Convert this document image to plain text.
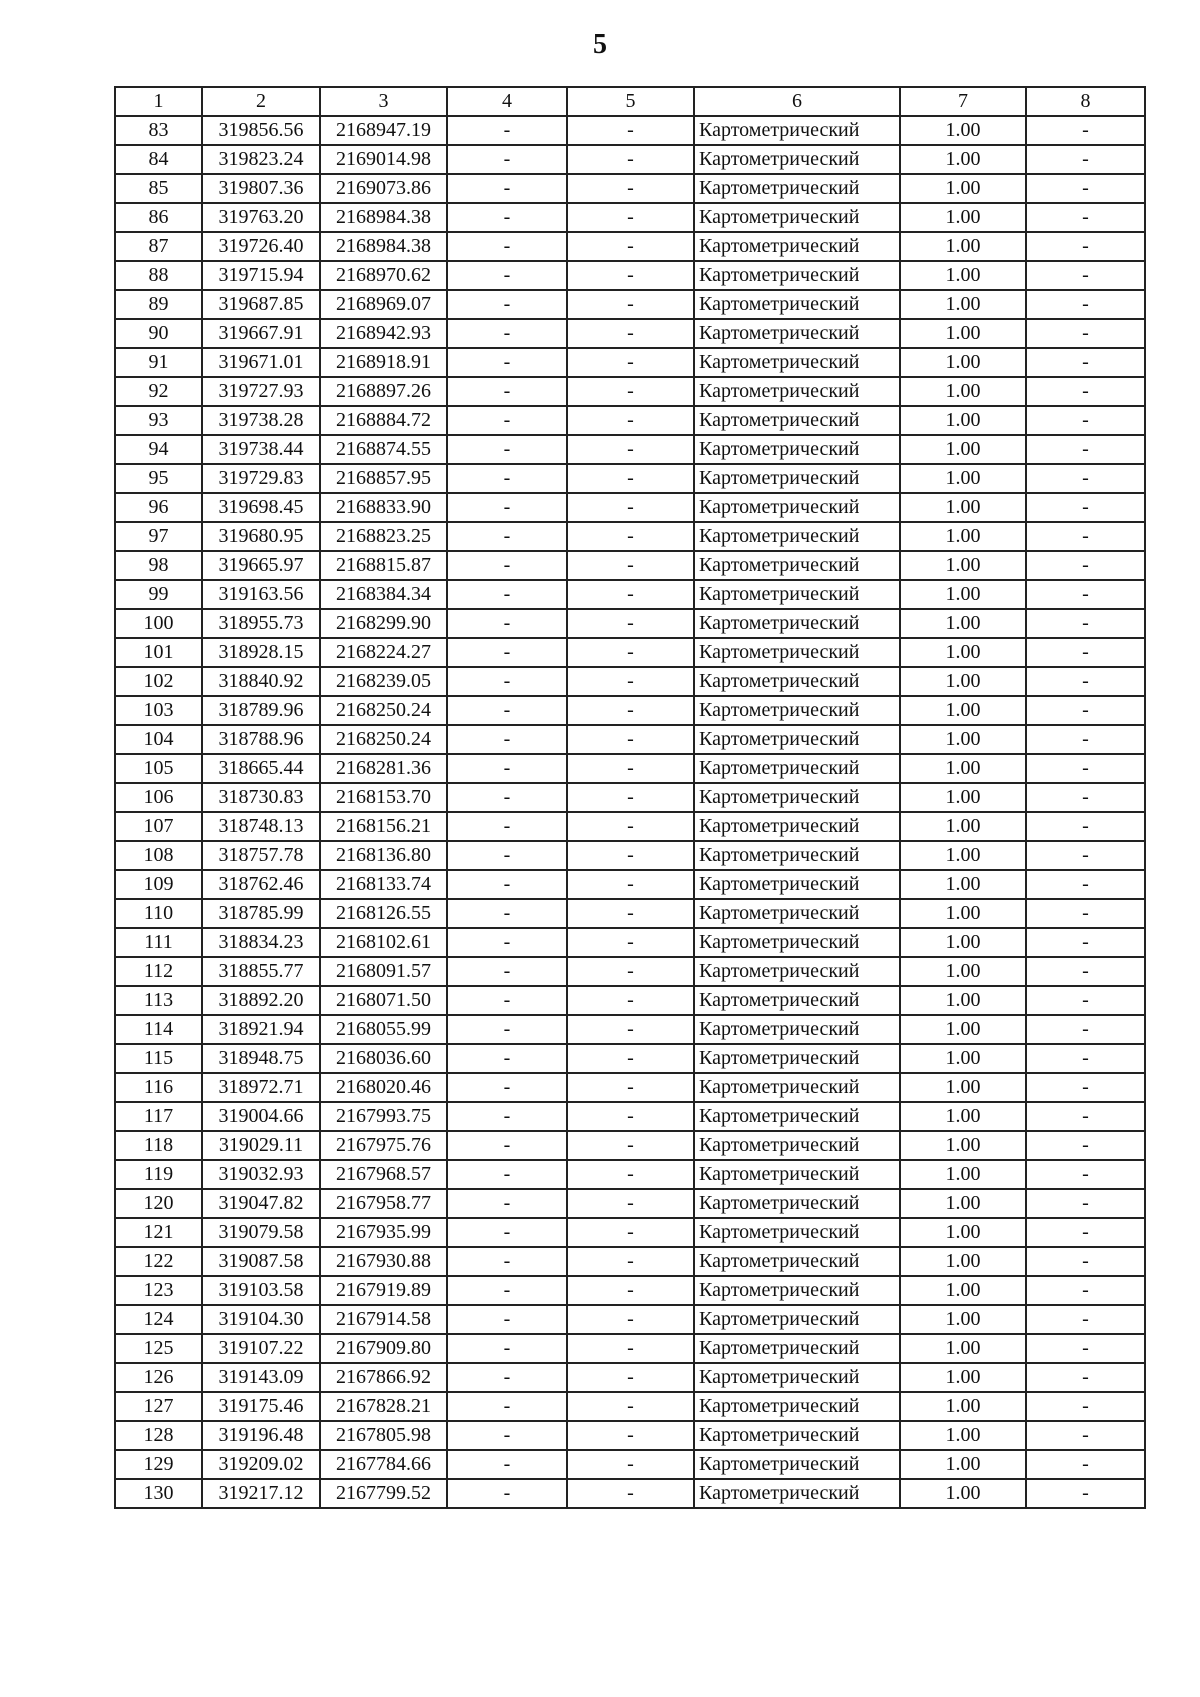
5
1	2	3	4	5	6	7	8
83	319856.56	2168947.19	-	-	Картометрический	1.00	-
84	319823.24	2169014.98	-	-	Картометрический	1.00	-
85	319807.36	2169073.86	-	-	Картометрический	1.00	-
86	319763.20	2168984.38	-	-	Картометрический	1.00	-
87	319726.40	2168984.38	-	-	Картометрический	1.00	-
88	319715.94	2168970.62	-	-	Картометрический	1.00	-
89	319687.85	2168969.07	-	-	Картометрический	1.00	-
90	319667.91	2168942.93	-	-	Картометрический	1.00	-
91	319671.01	2168918.91	-	-	Картометрический	1.00	-
92	319727.93	2168897.26	-	-	Картометрический	1.00	-
93	319738.28	2168884.72	-	-	Картометрический	1.00	-
94	319738.44	2168874.55	-	-	Картометрический	1.00	-
95	319729.83	2168857.95	-	-	Картометрический	1.00	-
96	319698.45	2168833.90	-	-	Картометрический	1.00	-
97	319680.95	2168823.25	-	-	Картометрический	1.00	-
98	319665.97	2168815.87	-	-	Картометрический	1.00	-
99	319163.56	2168384.34	-	-	Картометрический	1.00	-
100	318955.73	2168299.90	-	-	Картометрический	1.00	-
101	318928.15	2168224.27	-	-	Картометрический	1.00	-
102	318840.92	2168239.05	-	-	Картометрический	1.00	-
103	318789.96	2168250.24	-	-	Картометрический	1.00	-
104	318788.96	2168250.24	-	-	Картометрический	1.00	-
105	318665.44	2168281.36	-	-	Картометрический	1.00	-
106	318730.83	2168153.70	-	-	Картометрический	1.00	-
107	318748.13	2168156.21	-	-	Картометрический	1.00	-
108	318757.78	2168136.80	-	-	Картометрический	1.00	-
109	318762.46	2168133.74	-	-	Картометрический	1.00	-
110	318785.99	2168126.55	-	-	Картометрический	1.00	-
111	318834.23	2168102.61	-	-	Картометрический	1.00	-
112	318855.77	2168091.57	-	-	Картометрический	1.00	-
113	318892.20	2168071.50	-	-	Картометрический	1.00	-
114	318921.94	2168055.99	-	-	Картометрический	1.00	-
115	318948.75	2168036.60	-	-	Картометрический	1.00	-
116	318972.71	2168020.46	-	-	Картометрический	1.00	-
117	319004.66	2167993.75	-	-	Картометрический	1.00	-
118	319029.11	2167975.76	-	-	Картометрический	1.00	-
119	319032.93	2167968.57	-	-	Картометрический	1.00	-
120	319047.82	2167958.77	-	-	Картометрический	1.00	-
121	319079.58	2167935.99	-	-	Картометрический	1.00	-
122	319087.58	2167930.88	-	-	Картометрический	1.00	-
123	319103.58	2167919.89	-	-	Картометрический	1.00	-
124	319104.30	2167914.58	-	-	Картометрический	1.00	-
125	319107.22	2167909.80	-	-	Картометрический	1.00	-
126	319143.09	2167866.92	-	-	Картометрический	1.00	-
127	319175.46	2167828.21	-	-	Картометрический	1.00	-
128	319196.48	2167805.98	-	-	Картометрический	1.00	-
129	319209.02	2167784.66	-	-	Картометрический	1.00	-
130	319217.12	2167799.52	-	-	Картометрический	1.00	-
